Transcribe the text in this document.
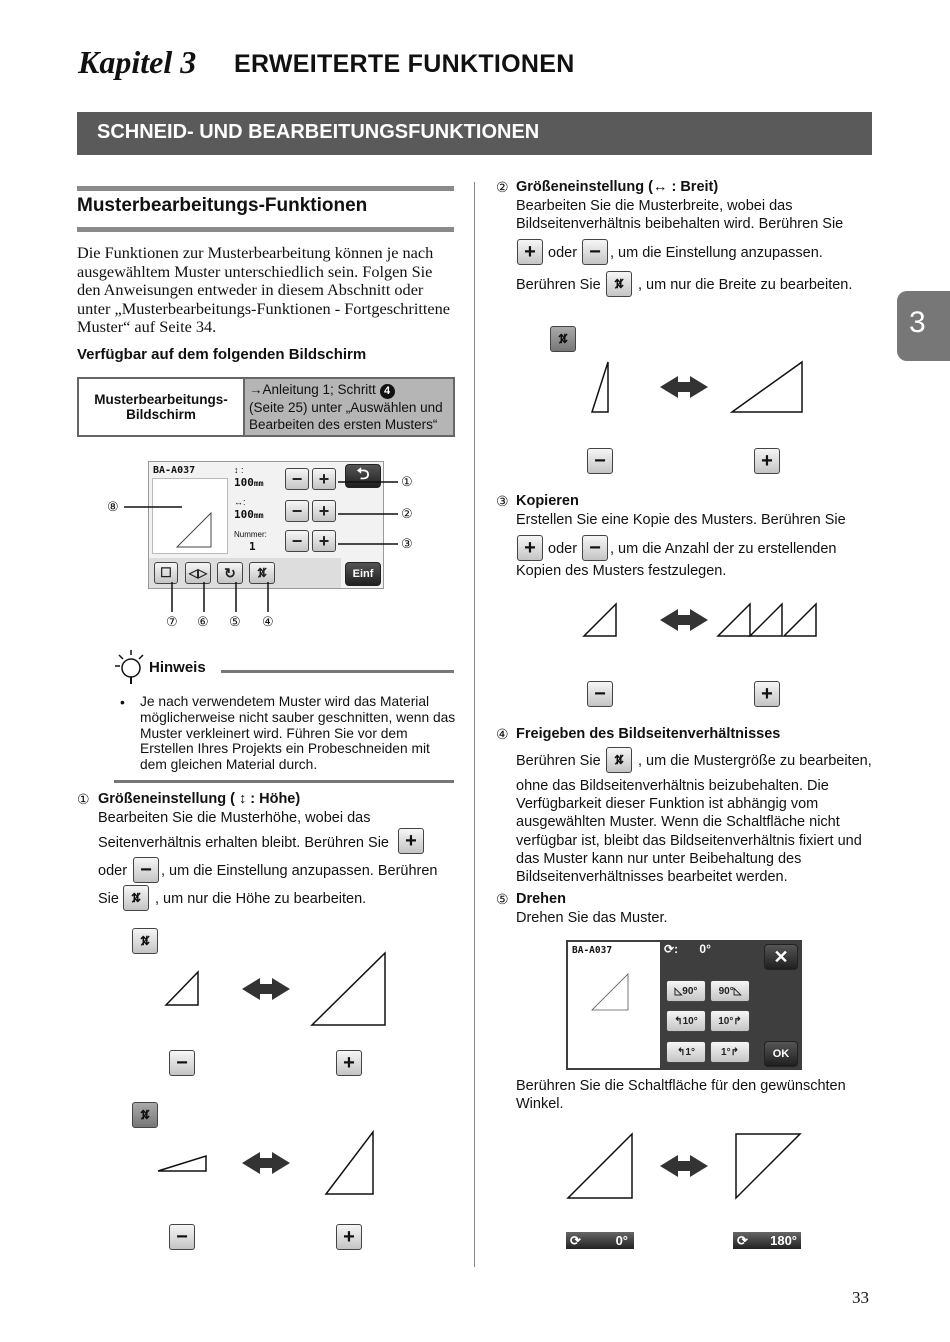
Kapitel 3 ERWEITERTE FUNKTIONEN
SCHNEID- UND BEARBEITUNGSFUNKTIONEN
3
Musterbearbeitungs-Funktionen
Die Funktionen zur Musterbearbeitung können je nach ausgewähltem Muster unterschiedlich sein. Folgen Sie den Anweisungen entweder in diesem Abschnitt oder unter „Musterbearbeitungs-Funktionen - Fortgeschrittene Muster“ auf Seite 34.
Verfügbar auf dem folgenden Bildschirm
Musterbearbeitungs-Bildschirm	→Anleitung 1; Schritt 4
(Seite 25) unter „Auswählen und Bearbeiten des ersten Musters“
BA-A037	↕ :
100mm
↔:
100mm
Nummer:
1
− +
− +
− +
⮌
☐ ◁▷ ↻ ⇅̸	Einf
①
②
③
④
⑤
⑥
⑦
⑧
Hinweis
• Je nach verwendetem Muster wird das Material möglicherweise nicht sauber geschnitten, wenn das Muster verkleinert wird. Führen Sie vor dem Erstellen Ihres Projekts ein Probeschneiden mit dem gleichen Material durch.
① Größeneinstellung ( ↕ : Höhe)
Bearbeiten Sie die Musterhöhe, wobei das
Seitenverhältnis erhalten bleibt. Berühren Sie +
oder − , um die Einstellung anzupassen. Berühren
Sie	⇅̸ , um nur die Höhe zu bearbeiten.
⇅̸
−	+
⇅̸
−	+
② Größeneinstellung (↔ : Breit)
Bearbeiten Sie die Musterbreite, wobei das
Bildseitenverhältnis beibehalten wird. Berühren Sie
+ oder − , um die Einstellung anzupassen.
Berühren Sie	⇅̸ , um nur die Breite zu bearbeiten.
⇅̸
−	+
③ Kopieren
Erstellen Sie eine Kopie des Musters. Berühren Sie
+ oder − , um die Anzahl der zu erstellenden
Kopien des Musters festzulegen.
−	+
④ Freigeben des Bildseitenverhältnisses
Berühren Sie	⇅̸ , um die Mustergröße zu bearbeiten,
ohne das Bildseitenverhältnis beizubehalten. Die Verfügbarkeit dieser Funktion ist abhängig vom ausgewählten Muster. Wenn die Schaltfläche nicht verfügbar ist, bleibt das Bildseitenverhältnis fixiert und das Muster kann nur unter Beibehaltung des Bildseitenverhältnisses bearbeitet werden.
⑤ Drehen
Drehen Sie das Muster.
BA-A037	⟳: 0°	✕
◺ 90° 90° ◺
↰ 10° 10° ↱
↰ 1°	1° ↱	OK
Berühren Sie die Schaltfläche für den gewünschten Winkel.
⟳	0°	⟳ 180°
33
